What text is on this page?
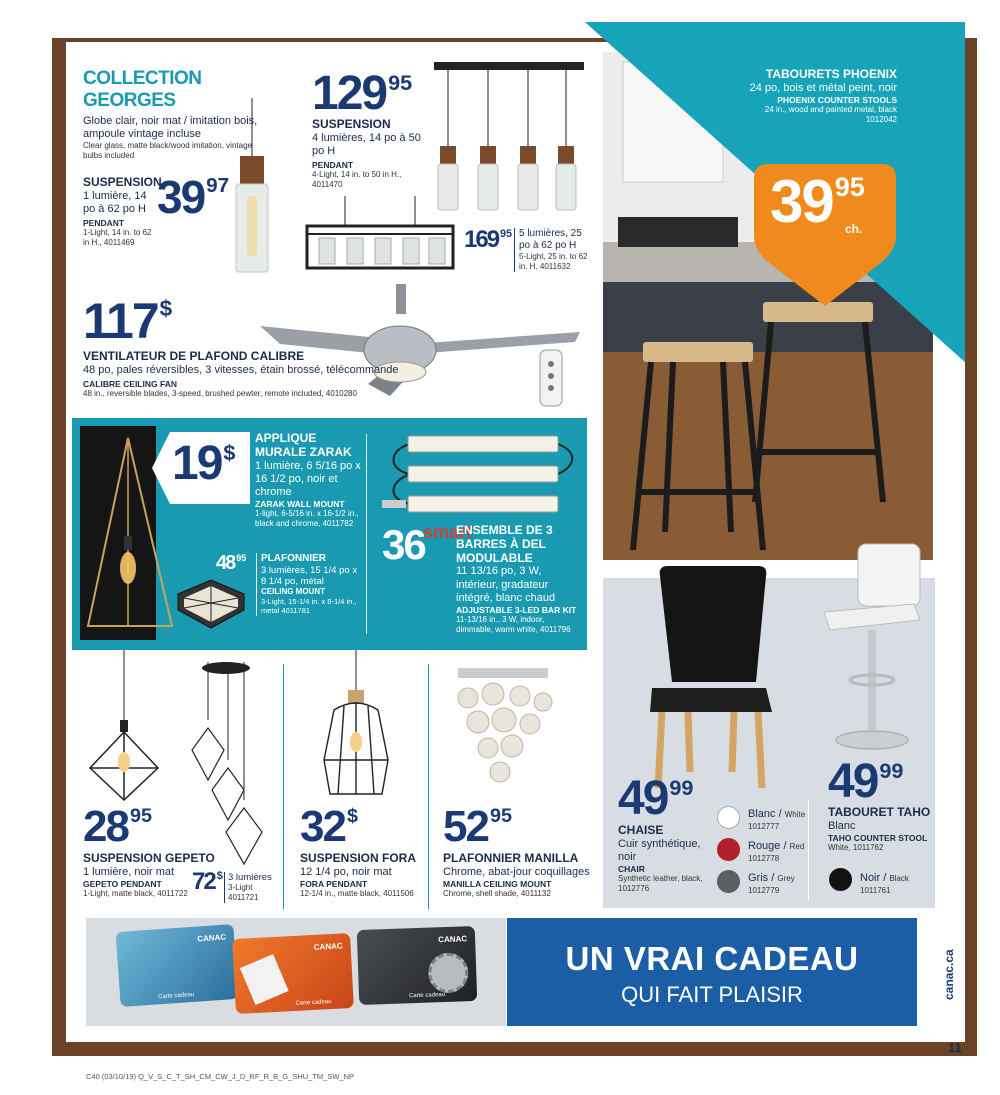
COLLECTION GEORGES
Globe clair, noir mat / imitation bois, ampoule vintage incluse
Clear glass, matte black/wood imitation, vintage bulbs included
SUSPENSION
1 lumière, 14 po à 62 po H
PENDANT
1-Light, 14 in. to 62 in H., 4011469
$39^{97}$
$129^{95}$
SUSPENSION
4 lumières, 14 po à 50 po H
PENDANT
4-Light, 14 in. to 50 in H., 4011470
169 $^{95}$ 5 lumières, 25 po à 62 po H
5-Light, 25 in. to 62 in. H. 4011632
117$
VENTILATEUR DE PLAFOND CALIBRE
48 po, pales réversibles, 3 vitesses, étain brossé, télécommande
CALIBRE CEILING FAN
48 in., reversible blades, 3-speed, brushed pewter, remote included, 4010280
19$
APPLIQUE MURALE ZARAK
1 lumière, 6 5/16 po x 16 1/2 po, noir et chrome
ZARAK WALL MOUNT
1-light, 6-5/16 in. x 16-1/2 in., black and chrome, 4011782
48 $^{95}$ PLAFONNIER
3 lumières, 15 1/4 po x 8 1/4 po, métal
CEILING MOUNT
3-Light, 15-1/4 in. x 8-1/4 in., metal 4011781
36
smart
ENSEMBLE DE 3 BARRES À DEL MODULABLE
11 13/16 po, 3 W, intérieur, gradateur intégré, blanc chaud
ADJUSTABLE 3-LED BAR KIT
11-13/16 in., 3 W, indoor, dimmable, warm white, 4011796
TABOURETS PHOENIX
24 po, bois et métal peint, noir
PHOENIX COUNTER STOOLS
24 in., wood and painted metal, black
1012042
$39^{95}$
ch.
$49^{99}$
CHAISE
Cuir synthétique, noir
CHAIR
Synthetic leather, black, 1012776
Blanc / White
1012777
Rouge / Red
1012778
Gris / Grey
1012779
$49^{99}$
TABOURET TAHO
Blanc
TAHO COUNTER STOOL
White, 1011762
Noir / Black
1011761
28 $^{95}$
SUSPENSION GEPETO
1 lumière, noir mat
GEPETO PENDANT
1-Light, matte black, 4011722 72 $ 3 lumières
3-Light
4011721
32 $
SUSPENSION FORA
12 1/4 po, noir mat
FORA PENDANT
12-1/4 in., matte black, 4011506
52 $^{95}$
PLAFONNIER MANILLA
Chrome, abat-jour coquillages
MANILLA CEILING MOUNT
Chrome, shell shade, 4011132
CANAC
Carte cadeau
CANAC
Carte cadeau
CANAC
Carte cadeau
UN VRAI CADEAU
QUI FAIT PLAISIR
11
C40 (03/10/19) Q_V_S_C_T_SH_CM_CW_J_D_RF_R_B_G_SHU_TM_SW_NP
